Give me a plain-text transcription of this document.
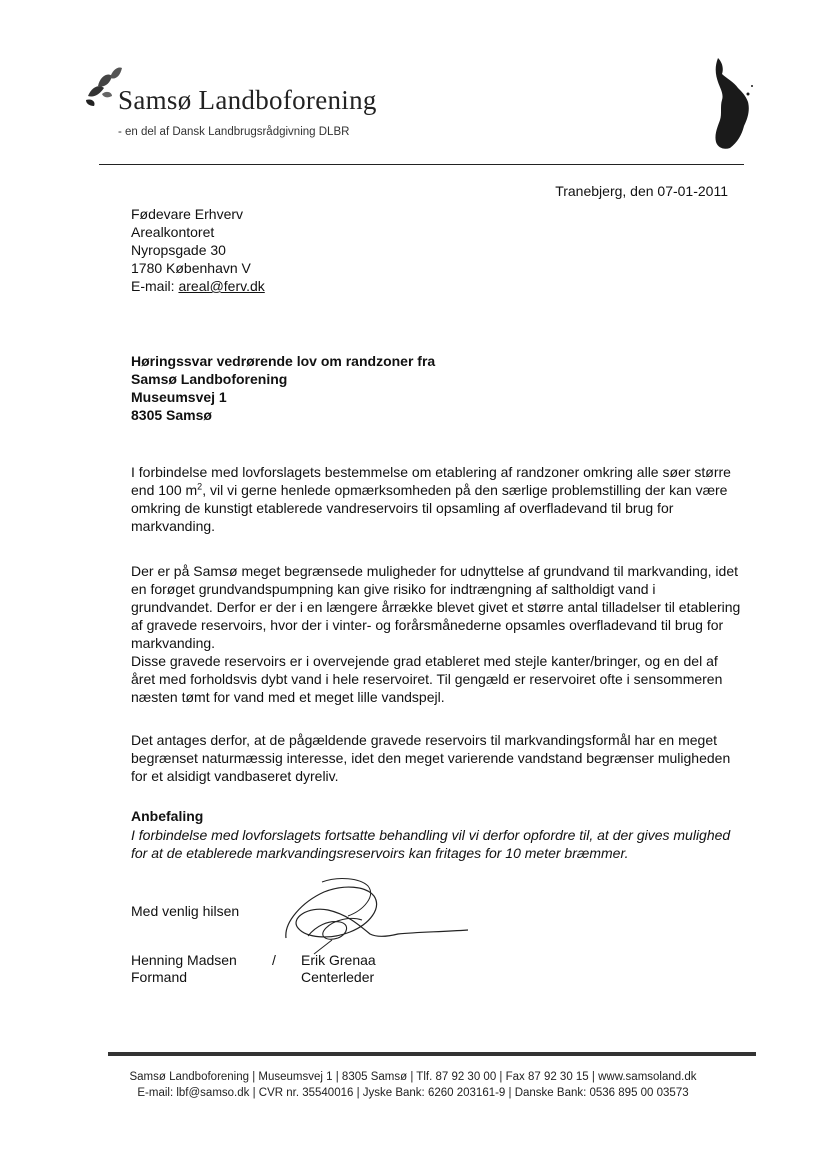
Samsø Landboforening
- en del af Dansk Landbrugsrådgivning DLBR
Tranebjerg, den 07-01-2011
Fødevare Erhverv
Arealkontoret
Nyropsgade 30
1780 København V
E-mail: areal@ferv.dk
Høringssvar vedrørende lov om randzoner fra
Samsø Landboforening
Museumsvej 1
8305 Samsø

I forbindelse med lovforslagets bestemmelse om etablering af randzoner omkring alle søer større end 100 $m^2$, vil vi gerne henlede opmærksomheden på den særlige problemstilling der kan være omkring de kunstigt etablerede vandreservoirs til opsamling af overfladevand til brug for markvanding.

Der er på Samsø meget begrænsede muligheder for udnyttelse af grundvand til markvanding, idet en forøget grundvandspumpning kan give risiko for indtrængning af saltholdigt vand i grundvandet. Derfor er der i en længere årrække blevet givet et større antal tilladelser til etablering af gravede reservoirs, hvor der i vinter- og forårsmånederne opsamles overfladevand til brug for markvanding.

Disse gravede reservoirs er i overvejende grad etableret med stejle kanter/bringer, og en del af året med forholdsvis dybt vand i hele reservoiret. Til gengæld er reservoiret ofte i sensommeren næsten tømt for vand med et meget lille vandspejl.

Det antages derfor, at de pågældende gravede reservoirs til markvandingsformål har en meget begrænset naturmæssig interesse, idet den meget varierende vandstand begrænser muligheden for et alsidigt vandbaseret dyreliv.

Anbefaling
I forbindelse med lovforslagets fortsatte behandling vil vi derfor opfordre til, at der gives mulighed for at de etablerede markvandingsreservoirs kan fritages for 10 meter bræmmer.
Med venlig hilsen
Henning Madsen
Formand
/ Erik Grenaa
Centerleder
Samsø Landboforening | Museumsvej 1 | 8305 Samsø | Tlf. 87 92 30 00 | Fax 87 92 30 15 | www.samsoland.dk
E-mail: lbf@samso.dk | CVR nr. 35540016 | Jyske Bank: 6260 203161-9 | Danske Bank: 0536 895 00 03573
